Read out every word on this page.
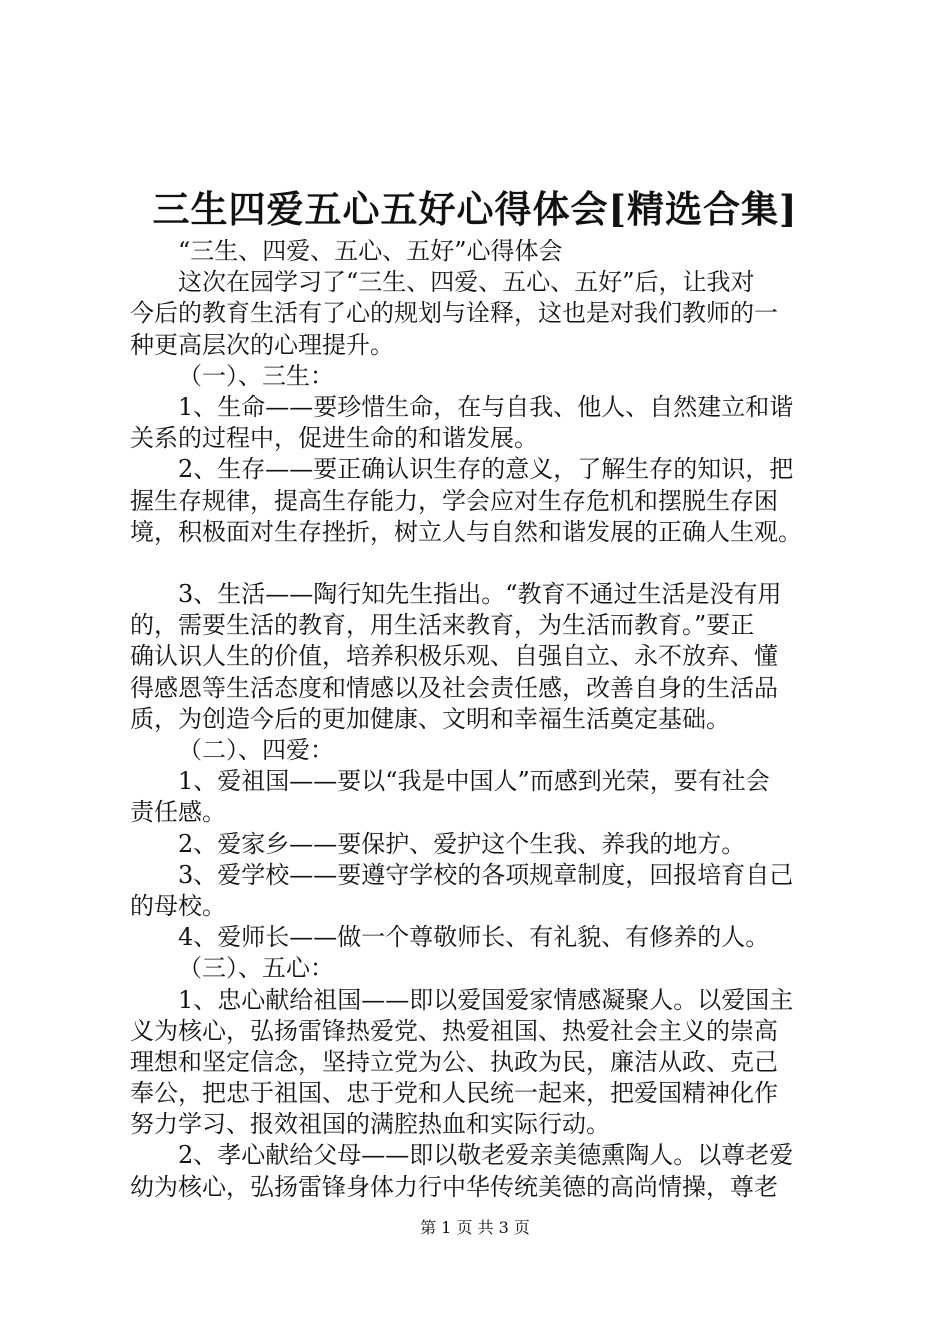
三生四爱五心五好心得体会[精选合集]
“三生、四爱、五心、五好”心得体会
这次在园学习了“三生、四爱、五心、五好”后，让我对
今后的教育生活有了心的规划与诠释，这也是对我们教师的一
种更高层次的心理提升。
（一）、三生：
1、生命——要珍惜生命，在与自我、他人、自然建立和谐
关系的过程中，促进生命的和谐发展。
2、生存——要正确认识生存的意义，了解生存的知识，把
握生存规律，提高生存能力，学会应对生存危机和摆脱生存困
境，积极面对生存挫折，树立人与自然和谐发展的正确人生观。
3、生活——陶行知先生指出。“教育不通过生活是没有用
的，需要生活的教育，用生活来教育，为生活而教育。”要正
确认识人生的价值，培养积极乐观、自强自立、永不放弃、懂
得感恩等生活态度和情感以及社会责任感，改善自身的生活品
质，为创造今后的更加健康、文明和幸福生活奠定基础。
（二）、四爱：
1、爱祖国——要以“我是中国人”而感到光荣，要有社会
责任感。
2、爱家乡——要保护、爱护这个生我、养我的地方。
3、爱学校——要遵守学校的各项规章制度，回报培育自己
的母校。
4、爱师长——做一个尊敬师长、有礼貌、有修养的人。
（三）、五心：
1、忠心献给祖国——即以爱国爱家情感凝聚人。以爱国主
义为核心，弘扬雷锋热爱党、热爱祖国、热爱社会主义的崇高
理想和坚定信念，坚持立党为公、执政为民，廉洁从政、克己
奉公，把忠于祖国、忠于党和人民统一起来，把爱国精神化作
努力学习、报效祖国的满腔热血和实际行动。
2、孝心献给父母——即以敬老爱亲美德熏陶人。以尊老爱
幼为核心，弘扬雷锋身体力行中华传统美德的高尚情操，尊老
第 1 页 共 3 页
